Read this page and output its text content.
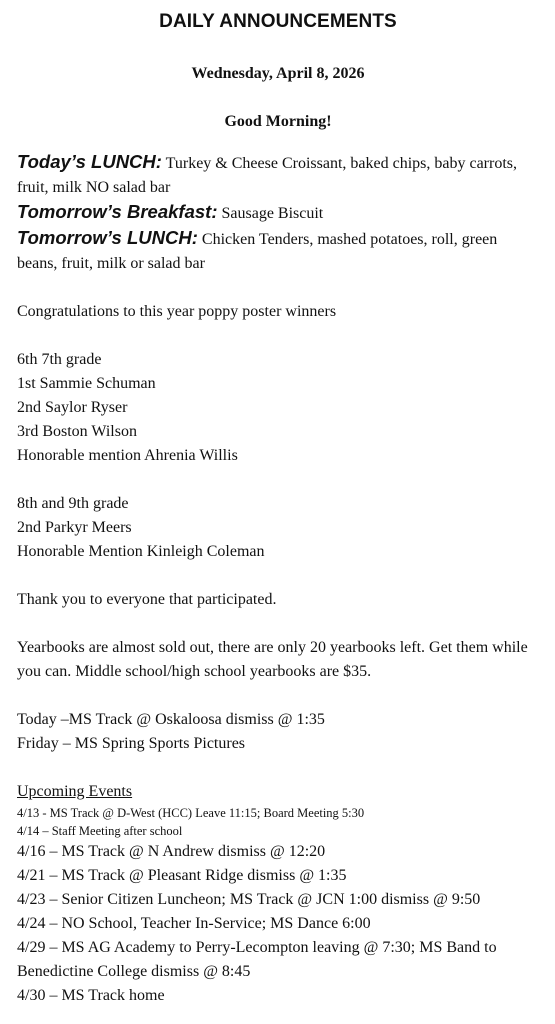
DAILY ANNOUNCEMENTS
Wednesday, April 8, 2026
Good Morning!
Today’s LUNCH: Turkey & Cheese Croissant, baked chips, baby carrots, fruit, milk NO salad bar
Tomorrow’s Breakfast: Sausage Biscuit
Tomorrow’s LUNCH: Chicken Tenders, mashed potatoes, roll, green beans, fruit, milk or salad bar

Congratulations to this year poppy poster winners

6th 7th grade

1st Sammie Schuman

2nd Saylor Ryser

3rd Boston Wilson

Honorable mention Ahrenia Willis

8th and 9th grade

2nd Parkyr Meers

Honorable Mention Kinleigh Coleman

Thank you to everyone that participated.

Yearbooks are almost sold out, there are only 20 yearbooks left. Get them while you can. Middle school/high school yearbooks are $35.

Today –MS Track @ Oskaloosa dismiss @ 1:35

Friday – MS Spring Sports Pictures

Upcoming Events

4/13 - MS Track @ D-West (HCC) Leave 11:15; Board Meeting 5:30

4/14 – Staff Meeting after school

4/16 – MS Track @ N Andrew dismiss @ 12:20

4/21 – MS Track @ Pleasant Ridge dismiss @ 1:35

4/23 – Senior Citizen Luncheon; MS Track @ JCN 1:00 dismiss @ 9:50

4/24 – NO School, Teacher In-Service; MS Dance 6:00

4/29 – MS AG Academy to Perry-Lecompton leaving @ 7:30; MS Band to Benedictine College dismiss @ 8:45

4/30 – MS Track home
